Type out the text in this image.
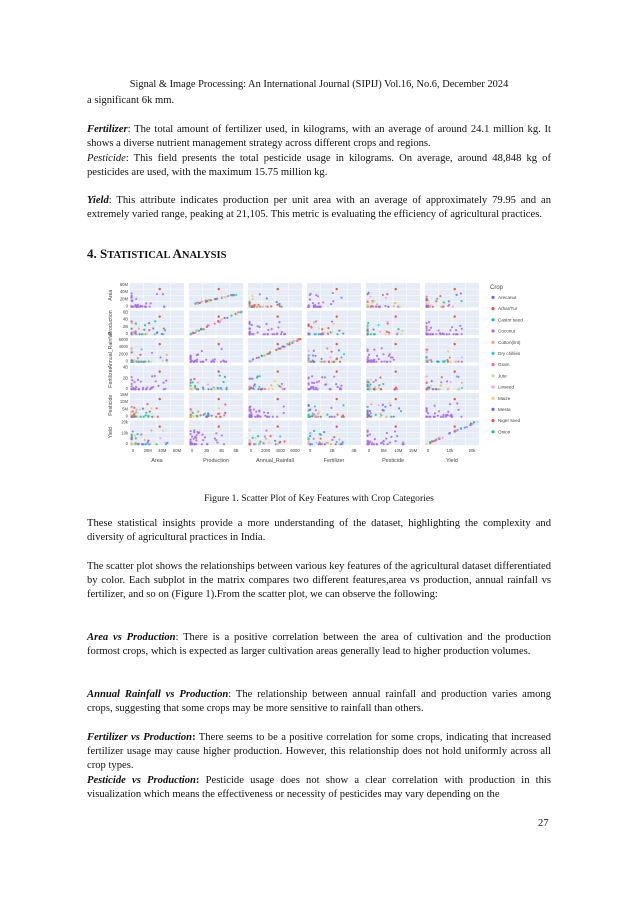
Signal & Image Processing: An International Journal (SIPIJ) Vol.16, No.6, December 2024

a significant 6k mm.

Fertilizer: The total amount of fertilizer used, in kilograms, with an average of around 24.1 million kg. It shows a diverse nutrient management strategy across different crops and regions.

Pesticide: This field presents the total pesticide usage in kilograms. On average, around 48,848 kg of pesticides are used, with the maximum 15.75 million kg.

Yield: This attribute indicates production per unit area with an average of approximately 79.95 and an extremely varied range, peaking at 21,105. This metric is evaluating the efficiency of agricultural practices.

4. STATISTICAL ANALYSIS

60M
40M
20M
0
Area
6B
4B
2B
0
Production
6000
4000
2000
0
Annual_Rainfall 4B
2B
0
Fertilizer
15M
10M
5M
0
Pesticide
20k
10k
0
Yield
0 20M 40M 60M
Area
0	2B 4B 6B
Production
0 2000 4000 6000
Annual_Rainfall
0	2B	4B
Fertilizer
0	5M 10M 15M
Pesticide
0	10k	20k
Yield
Crop
Arecanut
Arhar/Tur
Castor seed
Coconut
Cotton(lint)
Dry chillies
Gram
Jute
Linseed
Maize
Mesta
Niger seed
Onion
Figure 1. Scatter Plot of Key Features with Crop Categories

These statistical insights provide a more understanding of the dataset, highlighting the complexity and diversity of agricultural practices in India.

The scatter plot shows the relationships between various key features of the agricultural dataset differentiated by color. Each subplot in the matrix compares two different features,area vs production, annual rainfall vs fertilizer, and so on (Figure 1).From the scatter plot, we can observe the following:

Area vs Production: There is a positive correlation between the area of cultivation and the production formost crops, which is expected as larger cultivation areas generally lead to higher production volumes.

Annual Rainfall vs Production: The relationship between annual rainfall and production varies among crops, suggesting that some crops may be more sensitive to rainfall than others.

Fertilizer vs Production: There seems to be a positive correlation for some crops, indicating that increased fertilizer usage may cause higher production. However, this relationship does not hold uniformly across all crop types.

Pesticide vs Production: Pesticide usage does not show a clear correlation with production in this visualization which means the effectiveness or necessity of pesticides may vary depending on the

27
